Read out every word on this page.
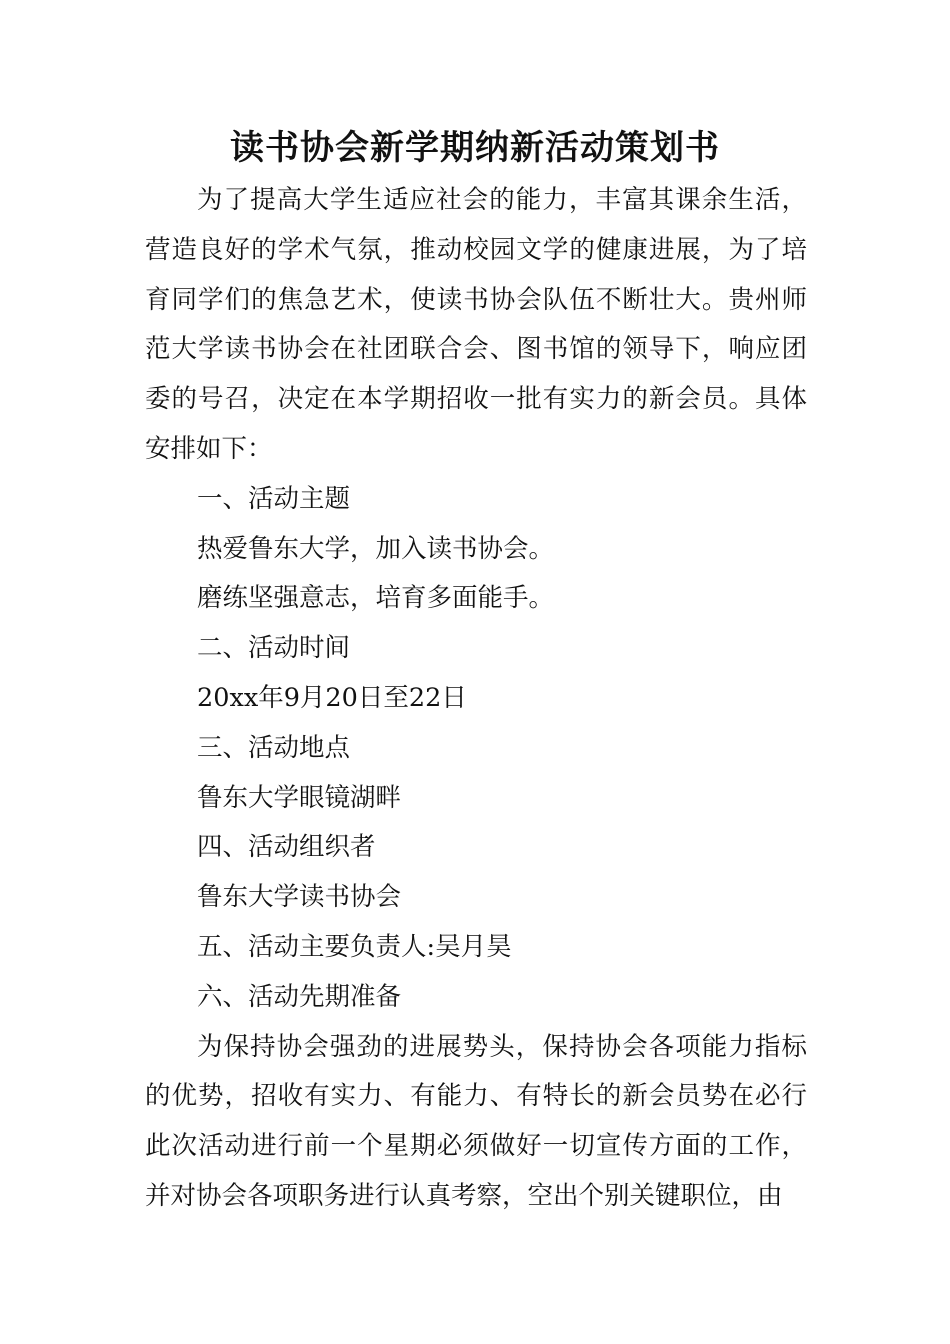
读书协会新学期纳新活动策划书

为了提高大学生适应社会的能力，丰富其课余生活，营造良好的学术气氛，推动校园文学的健康进展，为了培育同学们的焦急艺术，使读书协会队伍不断壮大。贵州师范大学读书协会在社团联合会、图书馆的领导下，响应团委的号召，决定在本学期招收一批有实力的新会员。具体安排如下：

一、活动主题

热爱鲁东大学，加入读书协会。

磨练坚强意志，培育多面能手。

二、活动时间

20xx年9月20日至22日

三、活动地点

鲁东大学眼镜湖畔

四、活动组织者

鲁东大学读书协会

五、活动主要负责人:吴月昊

六、活动先期准备

为保持协会强劲的进展势头，保持协会各项能力指标的优势，招收有实力、有能力、有特长的新会员势在必行此次活动进行前一个星期必须做好一切宣传方面的工作，并对协会各项职务进行认真考察，空出个别关键职位，由
